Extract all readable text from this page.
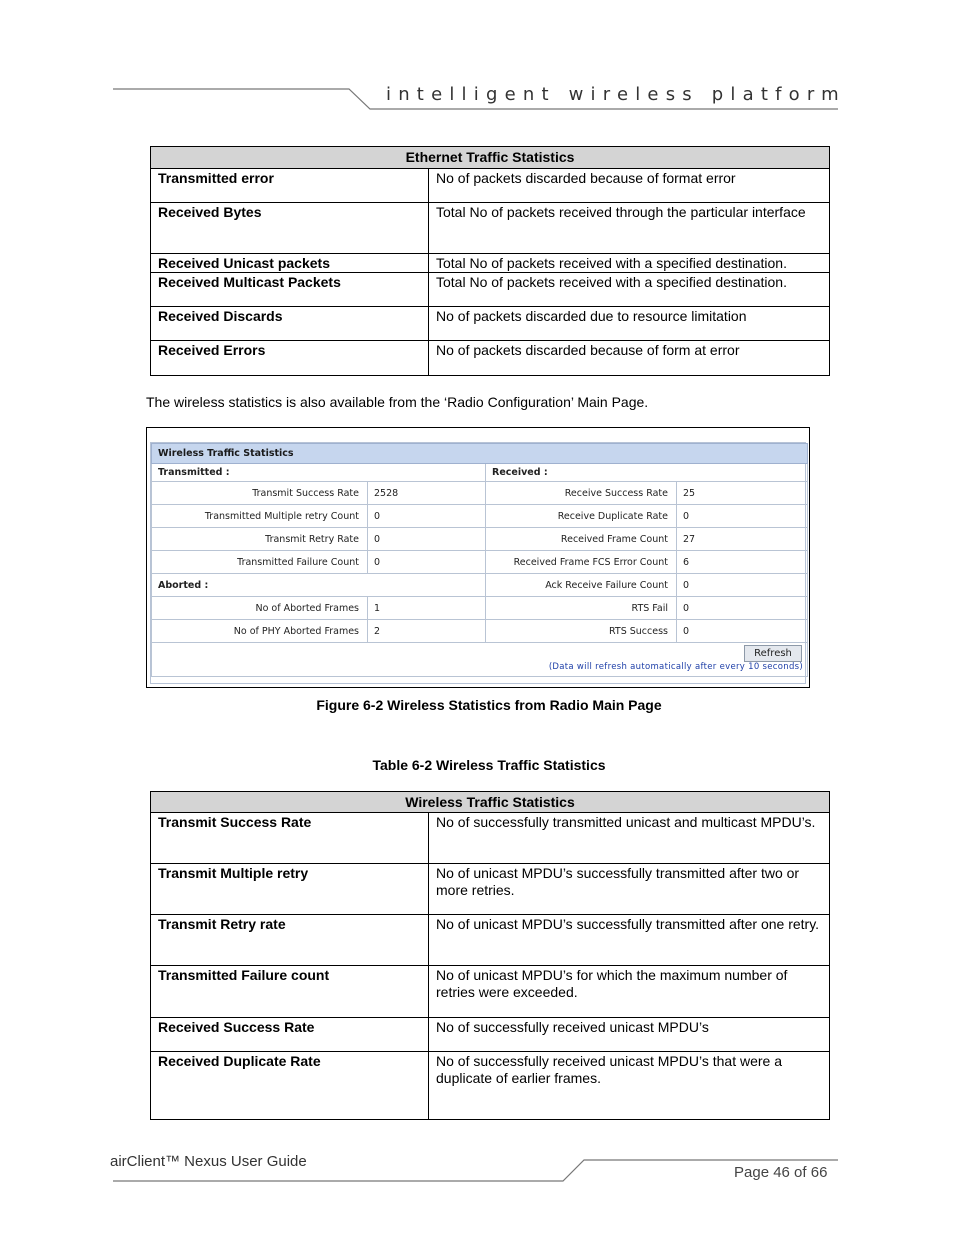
intelligent wireless platform
Ethernet Traffic Statistics	
Transmitted error	No of packets discarded because of format error
Received Bytes	Total No of packets received through the particular interface
Received Unicast packets	Total No of packets received with a specified destination.
Received Multicast Packets	Total No of packets received with a specified destination.
Received Discards	No of packets discarded due to resource limitation
Received Errors	No of packets discarded because of form at error
The wireless statistics is also available from the ‘Radio Configuration’ Main Page.
Wireless Traffic Statistics			
Transmitted :		Received :	
Transmit Success Rate	2528	Receive Success Rate	25
Transmitted Multiple retry Count	0	Receive Duplicate Rate	0
Transmit Retry Rate	0	Received Frame Count	27
Transmitted Failure Count	0	Received Frame FCS Error Count	6
Aborted :		Ack Receive Failure Count	0
No of Aborted Frames	1	RTS Fail	0
No of PHY Aborted Frames	2	RTS Success	0

Refresh
(Data will refresh automatically after every 10 seconds)			
Figure 6-2 Wireless Statistics from Radio Main Page
Table 6-2 Wireless Traffic Statistics
Wireless Traffic Statistics	
Transmit Success Rate	No of successfully transmitted unicast and multicast MPDU’s.
Transmit Multiple retry	No of unicast MPDU’s successfully transmitted after two or more retries.
Transmit Retry rate	No of unicast MPDU’s successfully transmitted after one retry.
Transmitted Failure count	No of unicast MPDU’s for which the maximum number of retries were exceeded.
Received Success Rate	No of successfully received unicast MPDU’s
Received Duplicate Rate	No of successfully received unicast MPDU’s that were a duplicate of earlier frames.
airClient™ Nexus User Guide
Page 46 of 66
